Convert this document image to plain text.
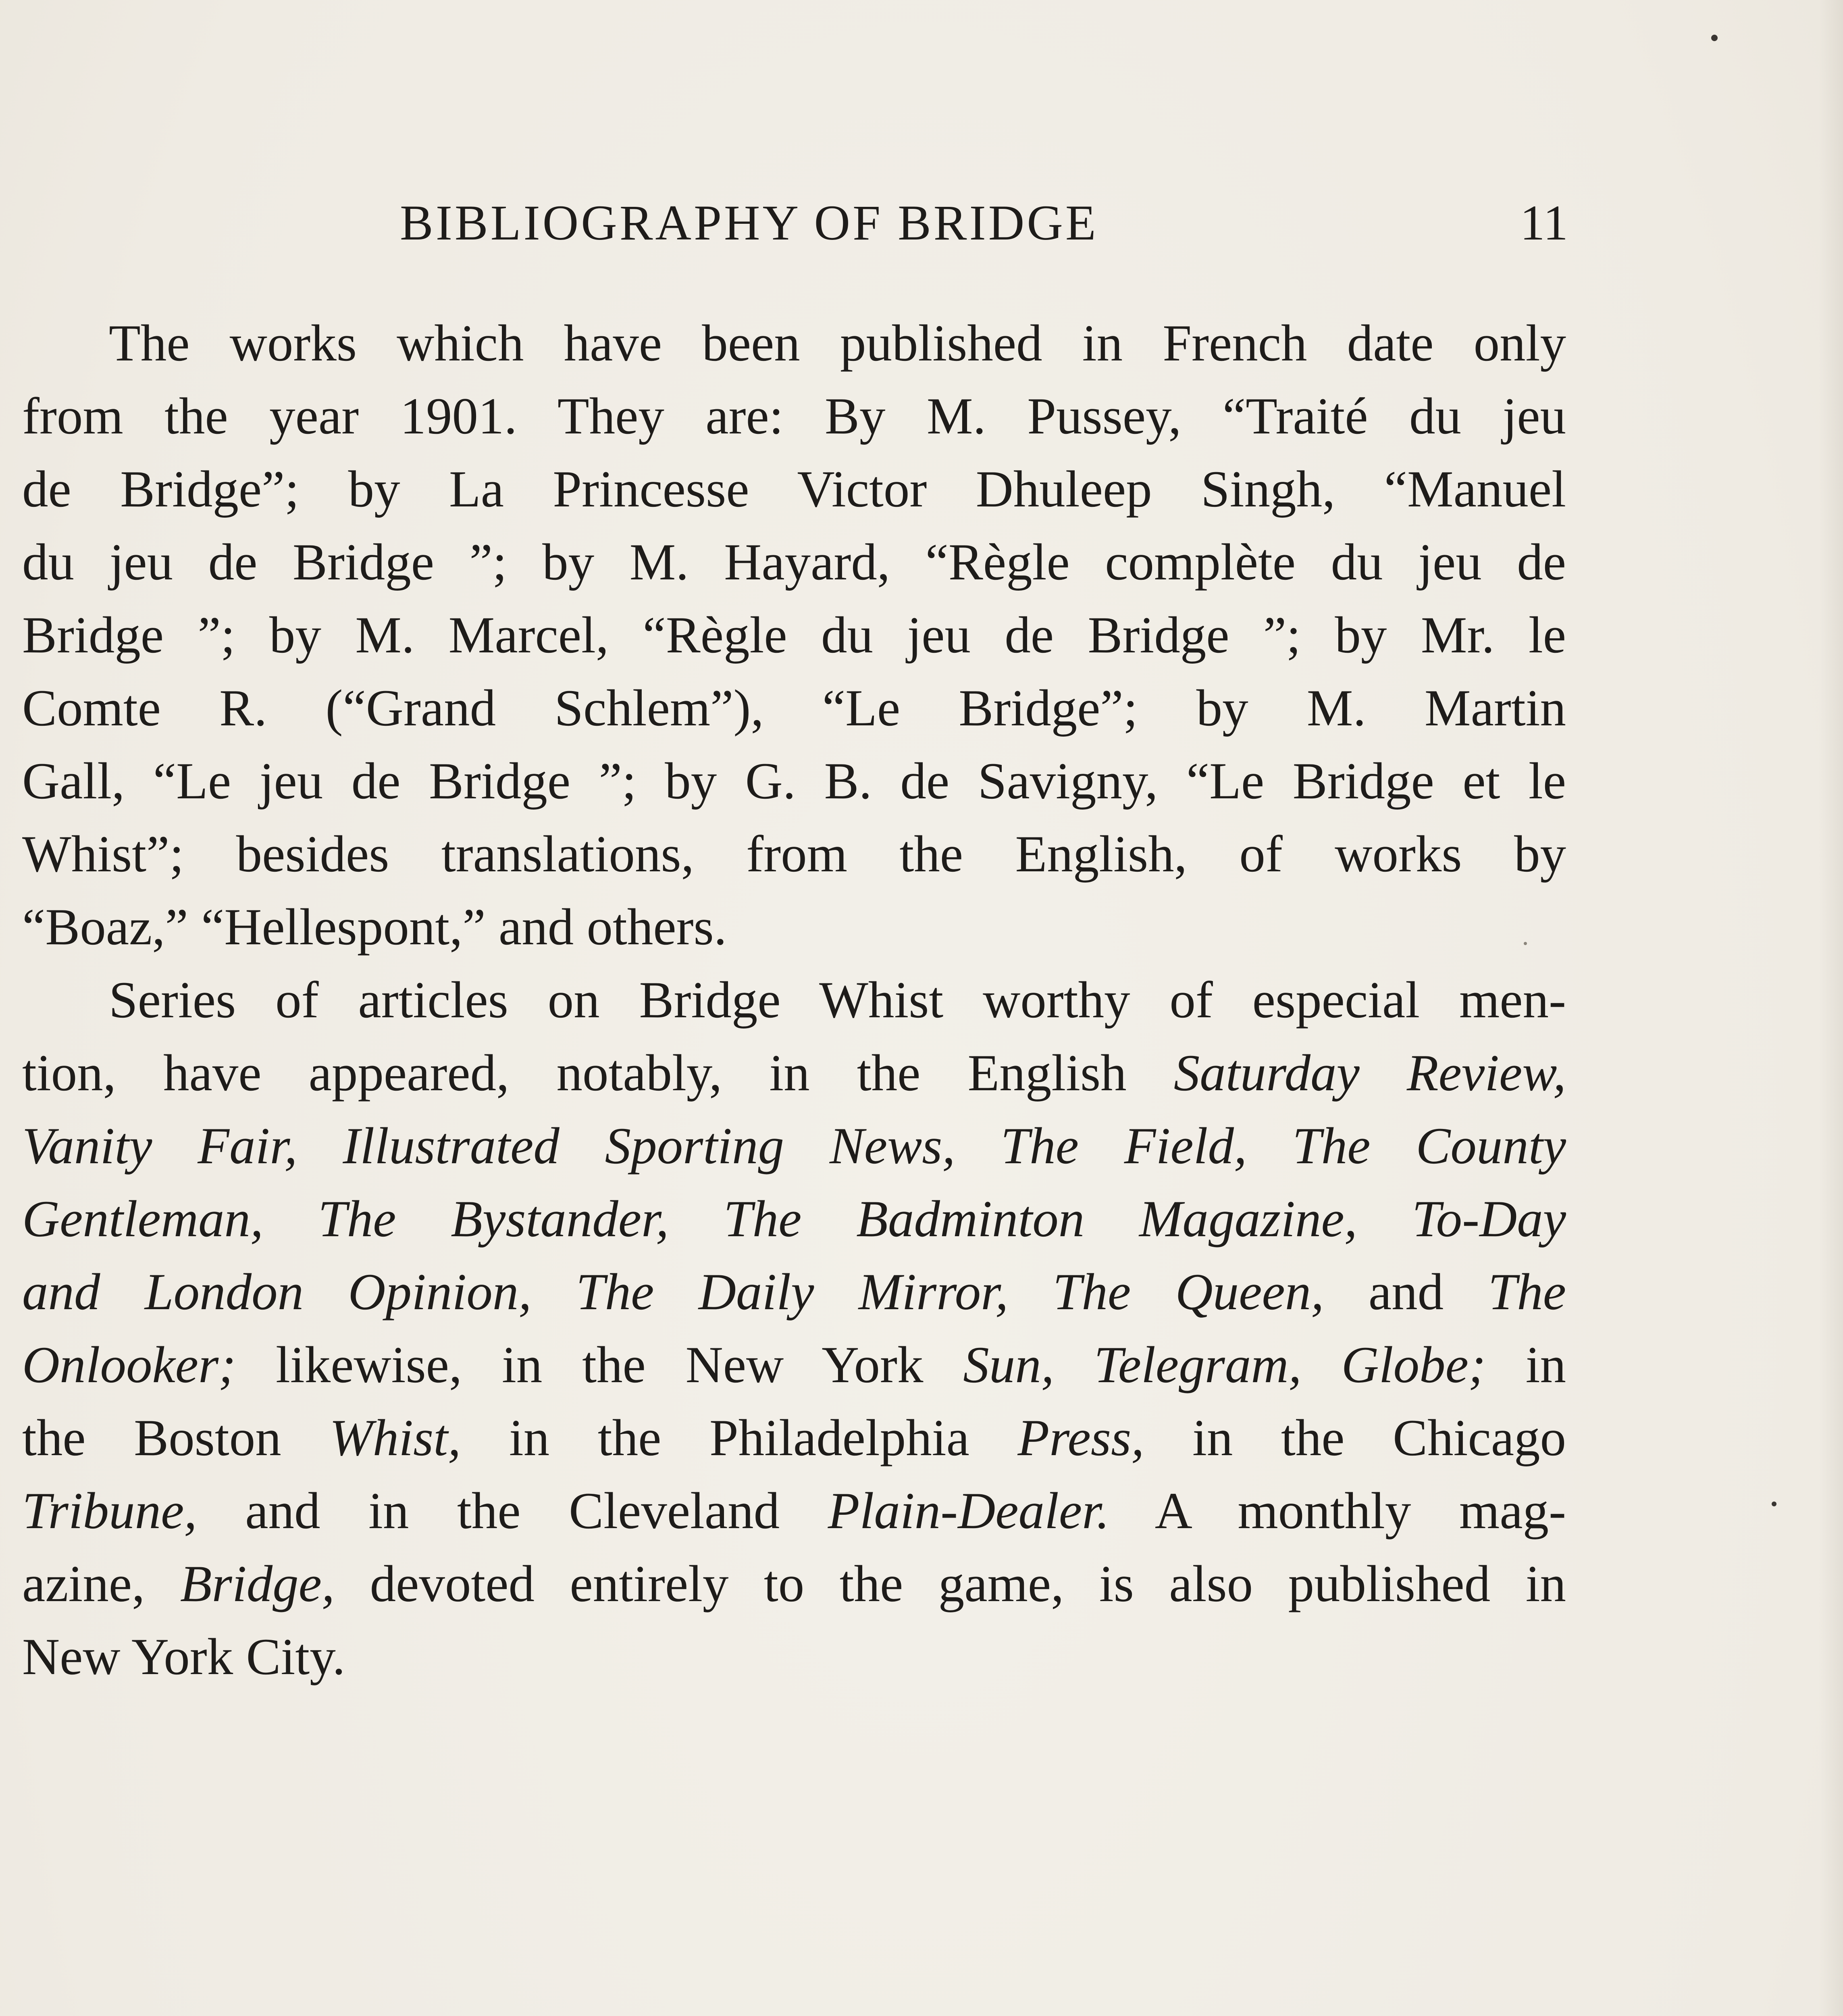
BIBLIOGRAPHY OF BRIDGE	11
The works which have been published in French date only
from the year 1901. They are: By M. Pussey, “Traité du jeu
de Bridge”; by La Princesse Victor Dhuleep Singh, “Manuel
du jeu de Bridge ”; by M. Hayard, “Règle complète du jeu de
Bridge ”; by M. Marcel, “Règle du jeu de Bridge ”; by Mr. le
Comte R. (“Grand Schlem”), “Le Bridge”; by M. Martin
Gall, “Le jeu de Bridge ”; by G. B. de Savigny, “Le Bridge et le
Whist”; besides translations, from the English, of works by
“Boaz,” “Hellespont,” and others.
Series of articles on Bridge Whist worthy of especial men-
tion, have appeared, notably, in the English Saturday Review,
Vanity Fair, Illustrated Sporting News, The Field, The County
Gentleman, The Bystander, The Badminton Magazine, To-Day
and London Opinion, The Daily Mirror, The Queen, and The
Onlooker; likewise, in the New York Sun, Telegram, Globe; in
the Boston Whist, in the Philadelphia Press, in the Chicago
Tribune, and in the Cleveland Plain-Dealer. A monthly mag-
azine, Bridge, devoted entirely to the game, is also published in
New York City.
